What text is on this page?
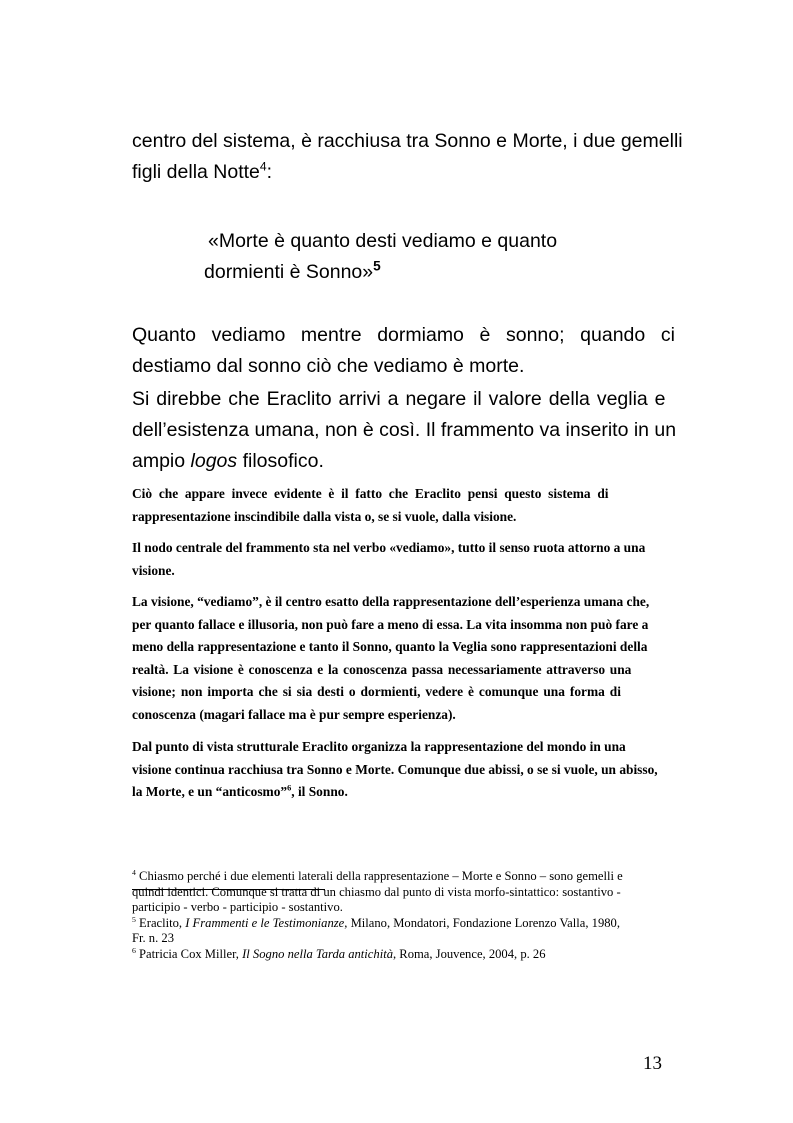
centro del sistema, è racchiusa tra Sonno e Morte, i due gemelli
figli della Notte$^4$:
«Morte è quanto desti vediamo e quanto
dormienti è Sonno»$^5$
Quanto vediamo mentre dormiamo è sonno; quando ci
destiamo dal sonno ciò che vediamo è morte.
Si direbbe che Eraclito arrivi a negare il valore della veglia e
dell’esistenza umana, non è così. Il frammento va inserito in un
ampio logos filosofico.
Ciò che appare invece evidente è il fatto che Eraclito pensi questo sistema di
rappresentazione inscindibile dalla vista o, se si vuole, dalla visione.
Il nodo centrale del frammento sta nel verbo «vediamo», tutto il senso ruota attorno a una
visione.
La visione, “vediamo”, è il centro esatto della rappresentazione dell’esperienza umana che,
per quanto fallace e illusoria, non può fare a meno di essa. La vita insomma non può fare a
meno della rappresentazione e tanto il Sonno, quanto la Veglia sono rappresentazioni della
realtà. La visione è conoscenza e la conoscenza passa necessariamente attraverso una
visione; non importa che si sia desti o dormienti, vedere è comunque una forma di
conoscenza (magari fallace ma è pur sempre esperienza).
Dal punto di vista strutturale Eraclito organizza la rappresentazione del mondo in una
visione continua racchiusa tra Sonno e Morte. Comunque due abissi, o se si vuole, un abisso,
la Morte, e un “anticosmo”$^6$, il Sonno.
$^4$ Chiasmo perché i due elementi laterali della rappresentazione – Morte e Sonno – sono gemelli e
quindi identici. Comunque si tratta di un chiasmo dal punto di vista morfo-sintattico: sostantivo -
participio - verbo - participio - sostantivo.
$^5$ Eraclito, I Frammenti e le Testimonianze, Milano, Mondatori, Fondazione Lorenzo Valla, 1980,
Fr. n. 23
$^6$ Patricia Cox Miller, Il Sogno nella Tarda antichità, Roma, Jouvence, 2004, p. 26
13
